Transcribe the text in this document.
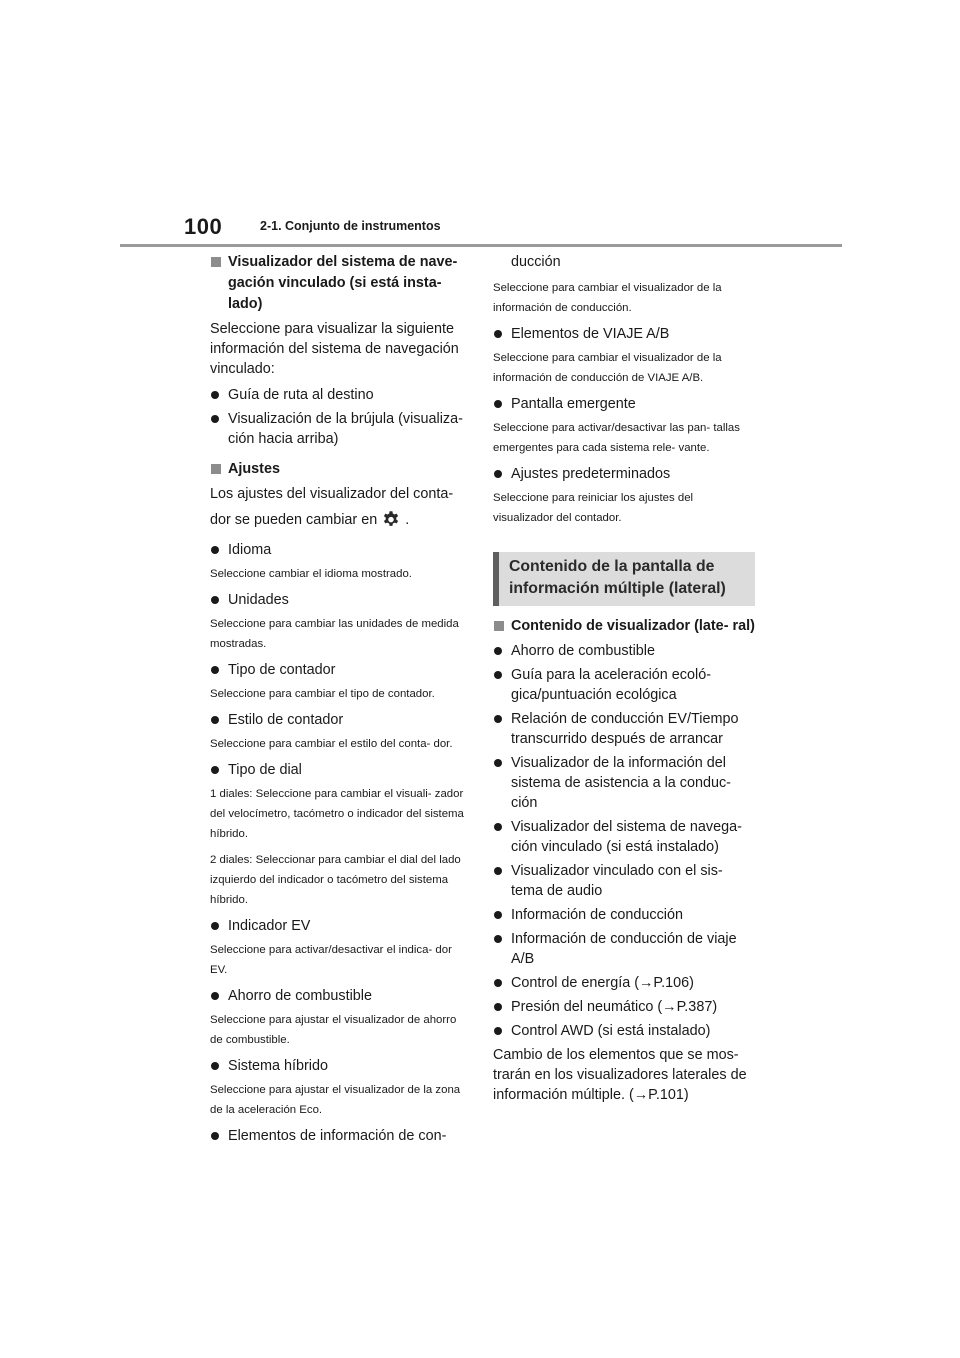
100	2-1. Conjunto de instrumentos
Visualizador del sistema de nave- gación vinculado (si está insta- lado)
Seleccione para visualizar la siguiente información del sistema de navegación vinculado:
Guía de ruta al destino
Visualización de la brújula (visualiza- ción hacia arriba)
Ajustes
Los ajustes del visualizador del conta-
dor se pueden cambiar en .
Idioma
Seleccione cambiar el idioma mostrado.
Unidades
Seleccione para cambiar las unidades de medida mostradas.
Tipo de contador
Seleccione para cambiar el tipo de contador.
Estilo de contador
Seleccione para cambiar el estilo del conta- dor.
Tipo de dial
1 diales: Seleccione para cambiar el visuali- zador del velocímetro, tacómetro o indicador del sistema híbrido.
2 diales: Seleccionar para cambiar el dial del lado izquierdo del indicador o tacómetro del sistema híbrido.
Indicador EV
Seleccione para activar/desactivar el indica- dor EV.
Ahorro de combustible
Seleccione para ajustar el visualizador de ahorro de combustible.
Sistema híbrido
Seleccione para ajustar el visualizador de la zona de la aceleración Eco.
Elementos de información de con-
ducción
Seleccione para cambiar el visualizador de la información de conducción.
Elementos de VIAJE A/B
Seleccione para cambiar el visualizador de la información de conducción de VIAJE A/B.
Pantalla emergente
Seleccione para activar/desactivar las pan- tallas emergentes para cada sistema rele- vante.
Ajustes predeterminados
Seleccione para reiniciar los ajustes del visualizador del contador.
Contenido de la pantalla de información múltiple (lateral)
Contenido de visualizador (late- ral)
Ahorro de combustible
Guía para la aceleración ecoló- gica/puntuación ecológica
Relación de conducción EV/Tiempo transcurrido después de arrancar
Visualizador de la información del sistema de asistencia a la conduc- ción
Visualizador del sistema de navega- ción vinculado (si está instalado)
Visualizador vinculado con el sis- tema de audio
Información de conducción
Información de conducción de viaje A/B
Control de energía (→P.106)
Presión del neumático (→P.387)
Control AWD (si está instalado)
Cambio de los elementos que se mos- trarán en los visualizadores laterales de información múltiple. (→P.101)
